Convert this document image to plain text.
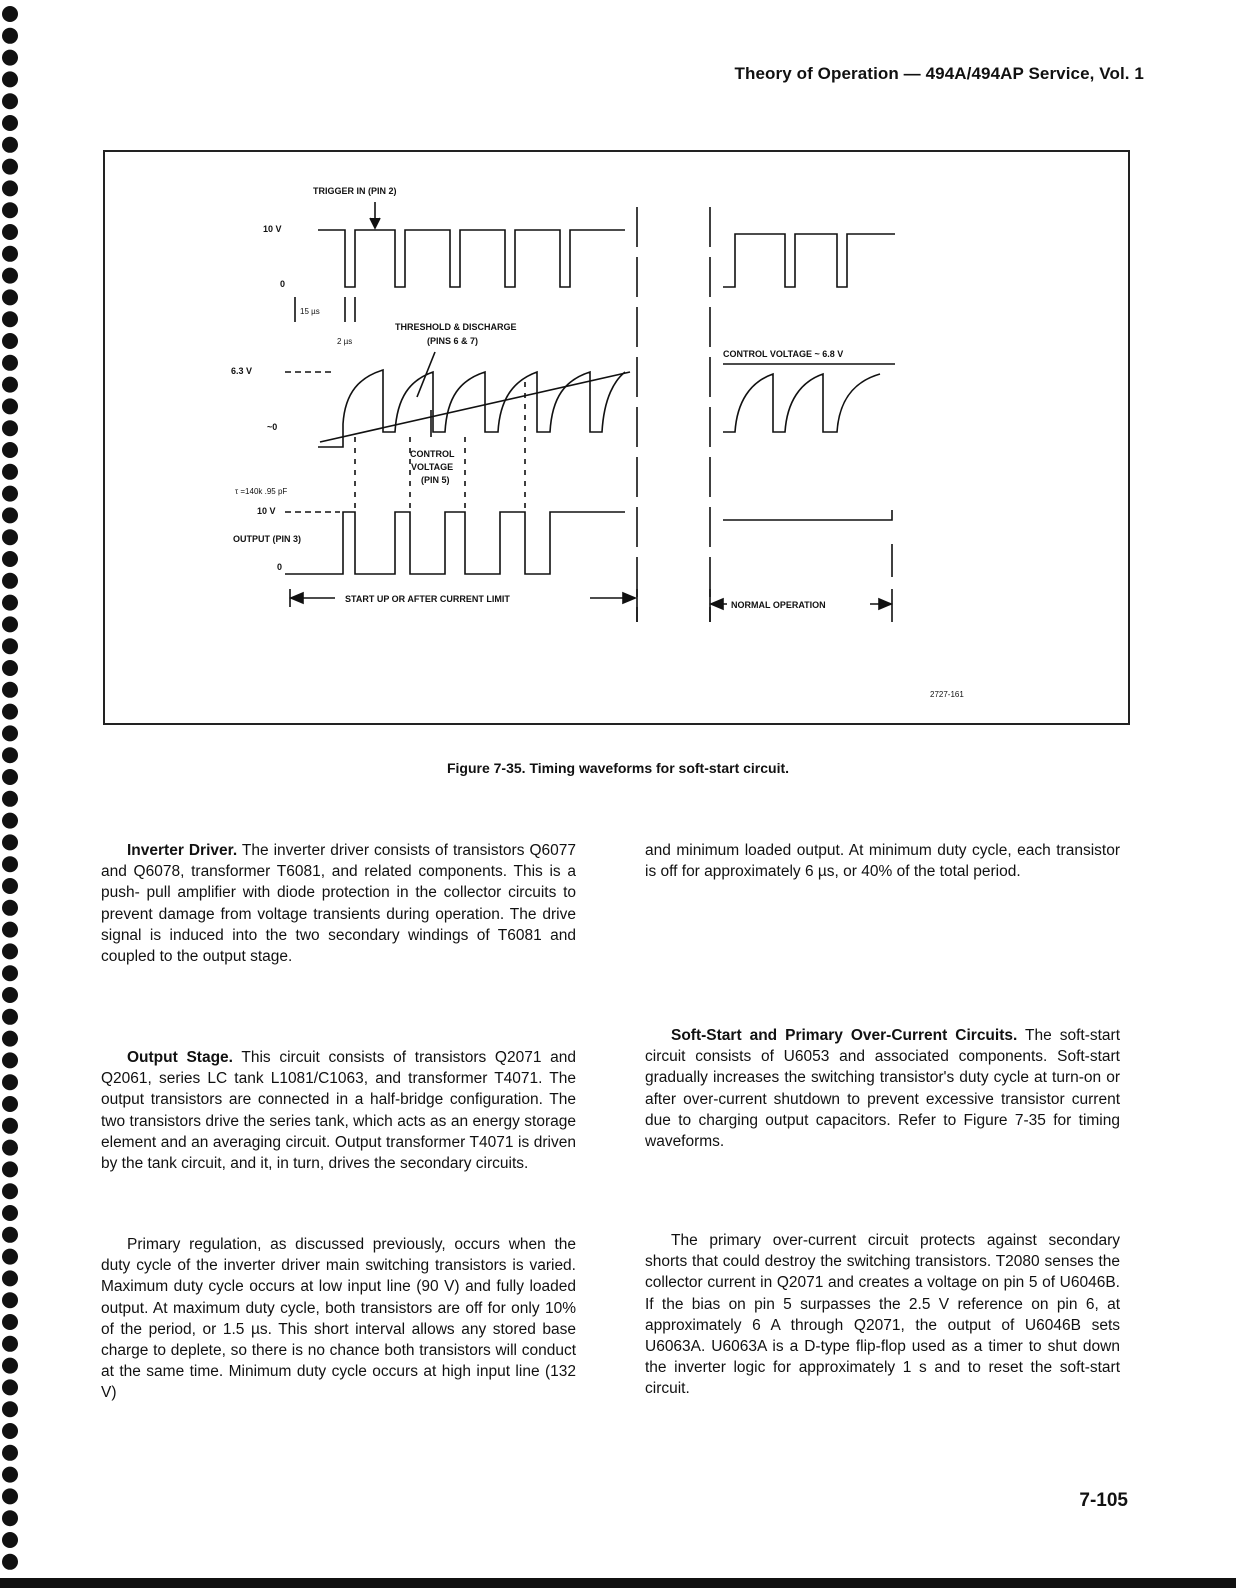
Theory of Operation — 494A/494AP Service, Vol. 1
TRIGGER IN (PIN 2)
10 V
0
15 µs
2 µs
THRESHOLD & DISCHARGE
(PINS 6 & 7)
6.3 V
~0
CONTROL
VOLTAGE
(PIN 5)
τ =140k .95 pF
10 V
OUTPUT (PIN 3)
0
START UP OR AFTER CURRENT LIMIT
CONTROL VOLTAGE ~ 6.8 V
NORMAL OPERATION
2727-161
Figure 7-35. Timing waveforms for soft-start circuit.

Inverter Driver. The inverter driver consists of transistors Q6077 and Q6078, transformer T6081, and related components. This is a push- pull amplifier with diode protection in the collector circuits to prevent damage from voltage transients during operation. The drive signal is induced into the two secondary windings of T6081 and coupled to the output stage.

Output Stage. This circuit consists of transistors Q2071 and Q2061, series LC tank L1081/C1063, and transformer T4071. The output transistors are connected in a half-bridge configuration. The two transistors drive the series tank, which acts as an energy storage element and an averaging circuit. Output transformer T4071 is driven by the tank circuit, and it, in turn, drives the secondary circuits.

Primary regulation, as discussed previously, occurs when the duty cycle of the inverter driver main switching transistors is varied. Maximum duty cycle occurs at low input line (90 V) and fully loaded output. At maximum duty cycle, both transistors are off for only 10% of the period, or 1.5 µs. This short interval allows any stored base charge to deplete, so there is no chance both transistors will conduct at the same time. Minimum duty cycle occurs at high input line (132 V)

and minimum loaded output. At minimum duty cycle, each transistor is off for approximately 6 µs, or 40% of the total period.

Soft-Start and Primary Over-Current Circuits. The soft-start circuit consists of U6053 and associated components. Soft-start gradually increases the switching transistor's duty cycle at turn-on or after over-current shutdown to prevent excessive transistor current due to charging output capacitors. Refer to Figure 7-35 for timing waveforms.

The primary over-current circuit protects against secondary shorts that could destroy the switching transistors. T2080 senses the collector current in Q2071 and creates a voltage on pin 5 of U6046B. If the bias on pin 5 surpasses the 2.5 V reference on pin 6, at approximately 6 A through Q2071, the output of U6046B sets U6063A. U6063A is a D-type flip-flop used as a timer to shut down the inverter logic for approximately 1 s and to reset the soft-start circuit.

7-105
